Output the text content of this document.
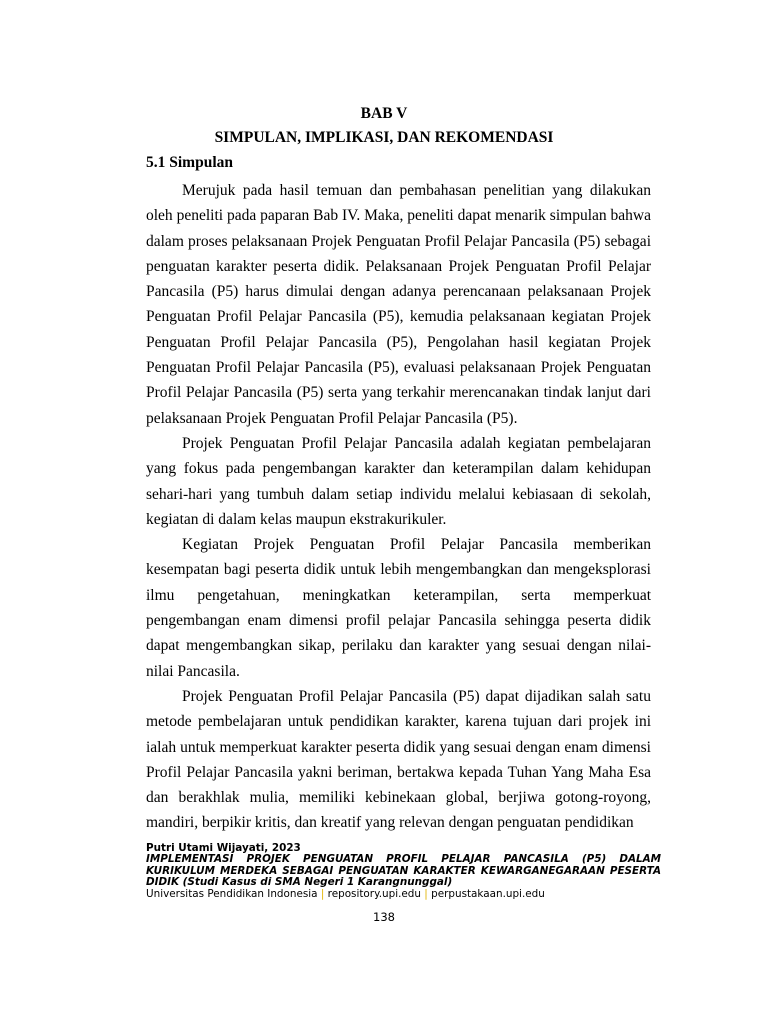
BAB V
SIMPULAN, IMPLIKASI, DAN REKOMENDASI
5.1 Simpulan

Merujuk pada hasil temuan dan pembahasan penelitian yang dilakukan oleh peneliti pada paparan Bab IV. Maka, peneliti dapat menarik simpulan bahwa dalam proses pelaksanaan Projek Penguatan Profil Pelajar Pancasila (P5) sebagai penguatan karakter peserta didik. Pelaksanaan Projek Penguatan Profil Pelajar Pancasila (P5) harus dimulai dengan adanya perencanaan pelaksanaan Projek Penguatan Profil Pelajar Pancasila (P5), kemudia pelaksanaan kegiatan Projek Penguatan Profil Pelajar Pancasila (P5), Pengolahan hasil kegiatan Projek Penguatan Profil Pelajar Pancasila (P5), evaluasi pelaksanaan Projek Penguatan Profil Pelajar Pancasila (P5) serta yang terkahir merencanakan tindak lanjut dari pelaksanaan Projek Penguatan Profil Pelajar Pancasila (P5).

Projek Penguatan Profil Pelajar Pancasila adalah kegiatan pembelajaran yang fokus pada pengembangan karakter dan keterampilan dalam kehidupan sehari-hari yang tumbuh dalam setiap individu melalui kebiasaan di sekolah, kegiatan di dalam kelas maupun ekstrakurikuler.

Kegiatan Projek Penguatan Profil Pelajar Pancasila memberikan kesempatan bagi peserta didik untuk lebih mengembangkan dan mengeksplorasi ilmu pengetahuan, meningkatkan keterampilan, serta memperkuat pengembangan enam dimensi profil pelajar Pancasila sehingga peserta didik dapat mengembangkan sikap, perilaku dan karakter yang sesuai dengan nilai-nilai Pancasila.

Projek Penguatan Profil Pelajar Pancasila (P5) dapat dijadikan salah satu metode pembelajaran untuk pendidikan karakter, karena tujuan dari projek ini ialah untuk memperkuat karakter peserta didik yang sesuai dengan enam dimensi Profil Pelajar Pancasila yakni beriman, bertakwa kepada Tuhan Yang Maha Esa dan berakhlak mulia, memiliki kebinekaan global, berjiwa gotong-royong, mandiri, berpikir kritis, dan kreatif yang relevan dengan penguatan pendidikan

Putri Utami Wijayati, 2023
IMPLEMENTASI PROJEK PENGUATAN PROFIL PELAJAR PANCASILA (P5) DALAM KURIKULUM MERDEKA SEBAGAI PENGUATAN KARAKTER KEWARGANEGARAAN PESERTA DIDIK (Studi Kasus di SMA Negeri 1 Karangnunggal)
Universitas Pendidikan Indonesia | repository.upi.edu | perpustakaan.upi.edu
138
